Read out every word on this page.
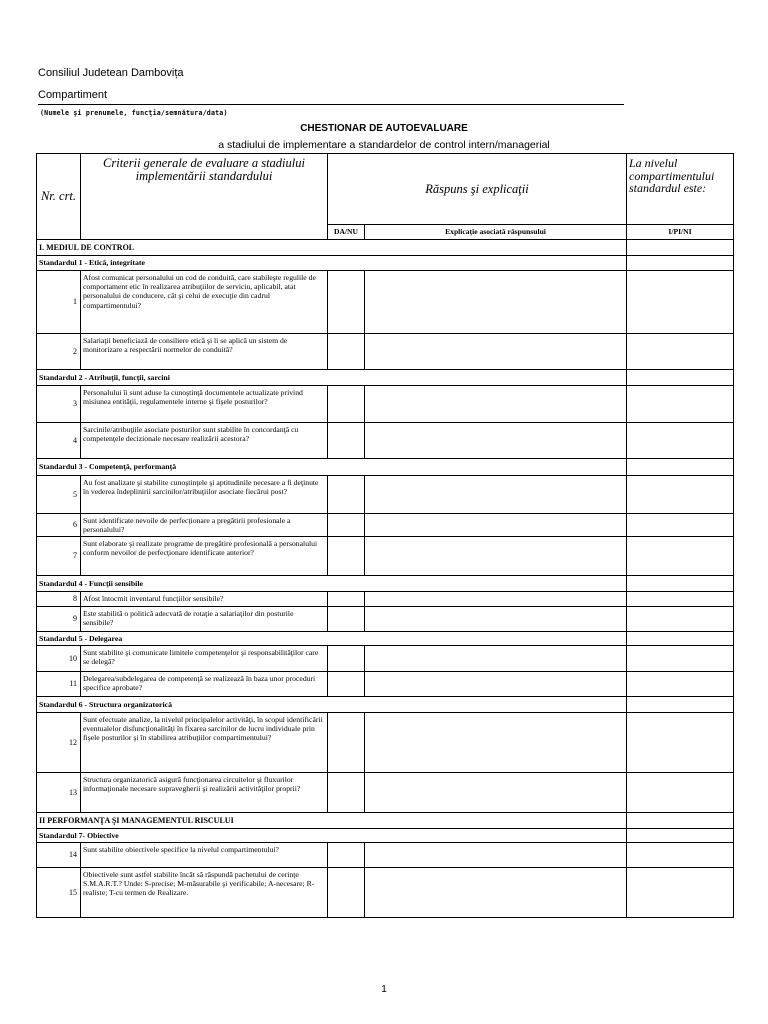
Consiliul Judetean Dambovița
Compartiment
(Numele şi prenumele, funcţia/semnătura/data)
CHESTIONAR DE AUTOEVALUARE
a stadiului de implementare a standardelor de control intern/managerial
Nr. crt.	Criterii generale de evaluare a stadiului implementării standardului	Răspuns şi explicaţii		La nivelul compartimentului standardul este:
		DA/NU	Explicaţie asociată răspunsului	I/PI/NI
I. MEDIUL DE CONTROL				
Standardul 1 - Etică, integritate				
1	Afost comunicat personalului un cod de conduită, care stabileşte regulile de comportament etic în realizarea atribuţiilor de serviciu, aplicabil, atat personalului de conducere, cât şi celui de execuţie din cadrul compartimentului?			
2	Salariaţii beneficiază de consiliere etică şi li se aplică un sistem de monitorizare a respectării normelor de conduită?			
Standardul 2 - Atribuţii, funcţii, sarcini				
3	Personalului îi sunt aduse la cunoştinţă documentele actualizate privind misiunea entităţii, regulamentele interne şi fişele posturilor?			
4	Sarcinile/atribuţiile asociate posturilor sunt stabilite în concordanţă cu competenţele decizionale necesare realizării acestora?			
Standardul 3 - Competenţă, performanţă				
5	Au fost analizate şi stabilite cunoştinţele şi aptitudinile necesare a fi deţinute în vederea îndeplinirii sarcinilor/atribuţiilor asociate fiecărui post?			
6	Sunt identificate nevoile de perfecţionare a pregătirii profesionale a personalului?			
7	Sunt elaborate şi realizate programe de pregătire profesională a personalului conform nevoilor de perfecţionare identificate anterior?			
Standardul 4 - Funcţii sensibile				
8	Afost întocmit inventarul funcţiilor sensibile?			
9	Este stabilită o politică adecvată de rotaţie a salariaţilor din posturile sensibile?			
Standardul 5 - Delegarea				
10	Sunt stabilite şi comunicate limitele competenţelor şi responsabilităţilor care se delegă?			
11	Delegarea/subdelegarea de competenţă se realizează în baza unor proceduri specifice aprobate?			
Standardul 6 - Structura organizatorică				
12	Sunt efectuate analize, la nivelul principalelor activităţi, în scopul identificării eventualelor disfuncţionalităţi în fixarea sarcinilor de lucru individuale prin fişele posturilor şi în stabilirea atribuţiilor compartimentului?			
13	Structura organizatorică asigură funcţionarea circuitelor şi fluxurilor informaţionale necesare supravegherii şi realizării activităţilor proprii?			
II PERFORMANŢA ŞI MANAGEMENTUL RISCULUI				
Standardul 7- Obiective				
14	Sunt stabilite obiectivele specifice la nivelul compartimentului?			
15	Obiectivele sunt astfel stabilite încât să răspundă pachetului de cerinţe S.M.A.R.T.? Unde: S-precise; M-măsurabile şi verificabile; A-necesare; R-realiste; T-cu termen de Realizare.			
1
